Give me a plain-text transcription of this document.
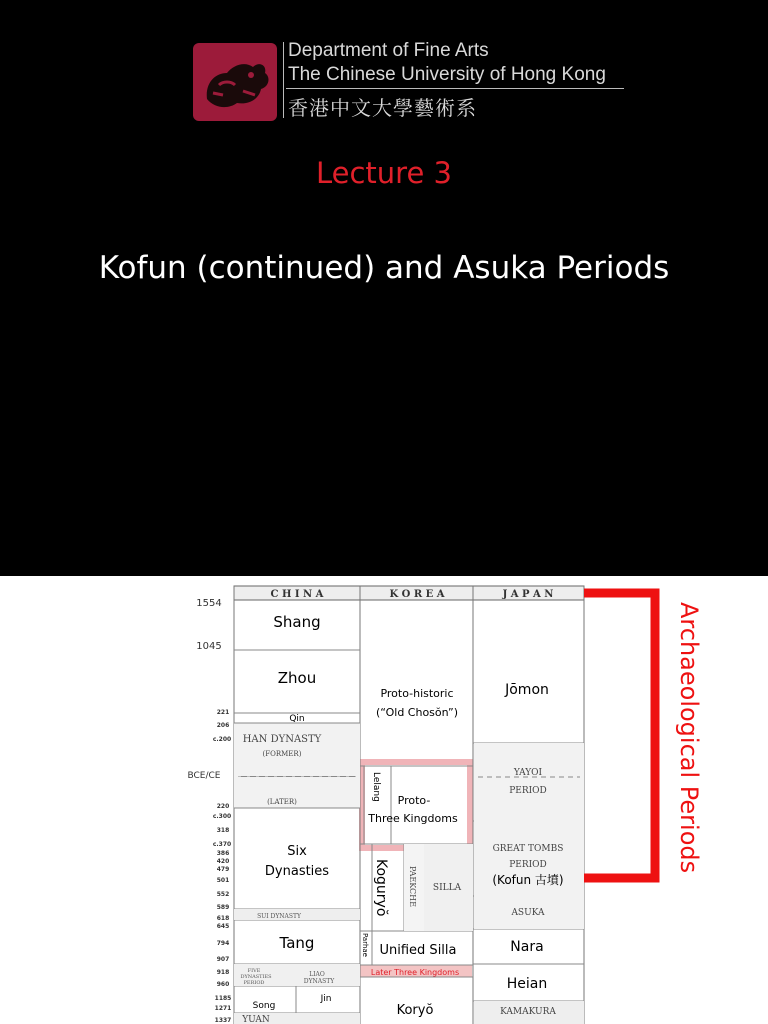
Department of Fine Arts
The Chinese University of Hong Kong
香港中文大學藝術系
Lecture 3
Kofun (continued) and Asuka Periods
C H I N A	K O R E A	J A P A N
1554
1045
221
206
c.200
BCE/CE
220
c.300
318
c.370
386
420
479
501
552
589
618
645
794
907
918
960
1185
1271
1337
Shang
Zhou
Qin
HAN DYNASTY
(FORMER)
(LATER)
Six
Dynasties
SUI DYNASTY
Tang
FIVE
DYNASTIES
PERIOD
LIAO
DYNASTY
Song
Jin
YUAN
Proto-historic
(“Old Chosŏn”)
Lelang Proto-
Three Kingdoms
Koguryŏ PAEKCHE SILLA
Parhae Unified Silla
Later Three Kingdoms
Koryŏ
Jōmon
YAYOI
PERIOD
GREAT TOMBS
PERIOD
(Kofun 古墳)
ASUKA
Nara
Heian
KAMAKURA
Archaeological Periods
